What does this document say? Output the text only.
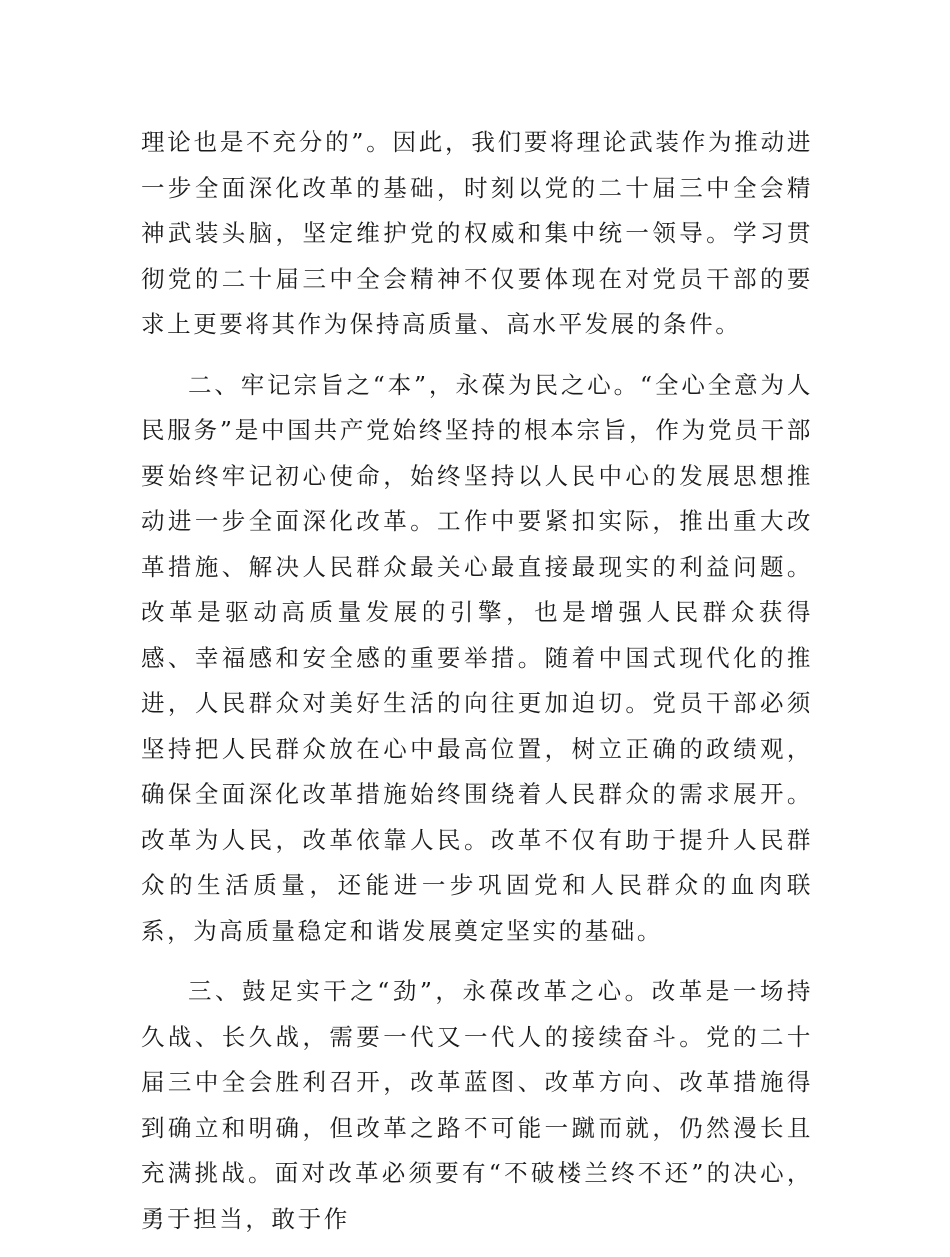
理论也是不充分的”。因此，我们要将理论武装作为推动进一步全面深化改革的基础，时刻以党的二十届三中全会精神武装头脑，坚定维护党的权威和集中统一领导。学习贯彻党的二十届三中全会精神不仅要体现在对党员干部的要求上更要将其作为保持高质量、高水平发展的条件。

二、牢记宗旨之“本”，永葆为民之心。“全心全意为人民服务”是中国共产党始终坚持的根本宗旨，作为党员干部要始终牢记初心使命，始终坚持以人民中心的发展思想推动进一步全面深化改革。工作中要紧扣实际，推出重大改革措施、解决人民群众最关心最直接最现实的利益问题。改革是驱动高质量发展的引擎，也是增强人民群众获得感、幸福感和安全感的重要举措。随着中国式现代化的推进，人民群众对美好生活的向往更加迫切。党员干部必须坚持把人民群众放在心中最高位置，树立正确的政绩观，确保全面深化改革措施始终围绕着人民群众的需求展开。改革为人民，改革依靠人民。改革不仅有助于提升人民群众的生活质量，还能进一步巩固党和人民群众的血肉联系，为高质量稳定和谐发展奠定坚实的基础。

三、鼓足实干之“劲”，永葆改革之心。改革是一场持久战、长久战，需要一代又一代人的接续奋斗。党的二十届三中全会胜利召开，改革蓝图、改革方向、改革措施得到确立和明确，但改革之路不可能一蹴而就，仍然漫长且充满挑战。面对改革必须要有“不破楼兰终不还”的决心，勇于担当，敢于作
